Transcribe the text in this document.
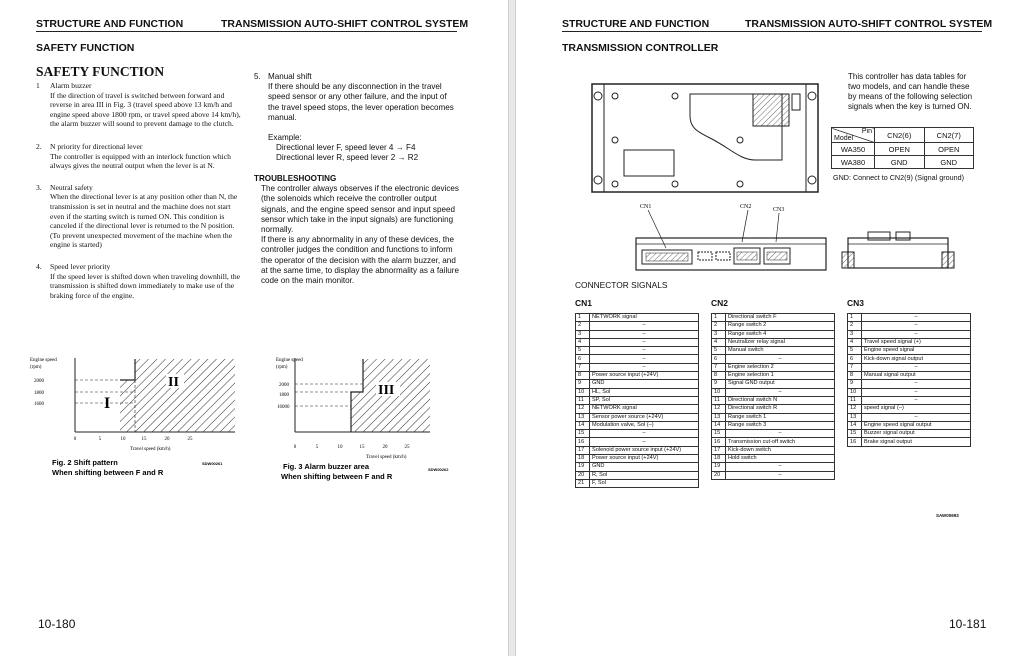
STRUCTURE AND FUNCTION	TRANSMISSION AUTO-SHIFT CONTROL SYSTEM
SAFETY FUNCTION
SAFETY FUNCTION
1 Alarm buzzer
If the direction of travel is switched between forward and reverse in area III in Fig. 3 (travel speed above 13 km/h and engine speed above 1800 rpm, or travel speed above 14 km/h), the alarm buzzer will sound to prevent damage to the clutch.
2. N priority for directional lever
The controller is equipped with an interlock function which always gives the neutral output when the lever is at N.
3. Neutral safety
When the directional lever is at any position other than N, the transmission is set in neutral and the machine does not start even if the starting switch is turned ON. This condition is canceled if the directional lever is returned to the N position. (To prevent unexpected movement of the machine when the engine is started)
4. Speed lever priority
If the speed lever is shifted down when traveling downhill, the transmission is shifted down immediately to make use of the braking force of the engine.
5. Manual shift
If there should be any disconnection in the travel speed sensor or any other failure, and the input of the travel speed stops, the lever operation becomes manual.
Example:
Directional lever F, speed lever 4 → F4
Directional lever R, speed lever 2 → R2
TROUBLESHOOTING
The controller always observes if the electronic devices (the solenoids which receive the controller output signals, and the engine speed sensor and input speed sensor which take in the input signals) are functioning normally.
If there is any abnormality in any of these devices, the controller judges the condition and functions to inform the operator of the decision with the alarm buzzer, and at the same time, to display the abnormality as a failure code on the main monitor.
Engine speed
(rpm)
2000
1800
1600
0	5	10	15	20	25
Travel speed (km/h)
I
II
Fig. 2 Shift pattern	SDW00261
When shifting between F and R
Engine speed
(rpm)
2000
1800
16000
0	5	10	15	20	25
Travel speed (km/h)
III
Fig. 3 Alarm buzzer area	SDW00262
When shifting between F and R
10-180
STRUCTURE AND FUNCTION	TRANSMISSION AUTO-SHIFT CONTROL SYSTEM
TRANSMISSION CONTROLLER
CN1	CN2	CN3
This controller has data tables for two models, and can handle these by means of the following selection signals when the key is turned ON.
Pin
Model	CN2(6)	CN2(7)
WA350	OPEN	OPEN
WA380	GND	GND
GND: Connect to CN2(9) (Signal ground)
CONNECTOR SIGNALS
CN1	CN2	CN3
1	NETWORK signal
2	–
3	–
4	–
5	–
6	–
7	–
8	Power source input (+24V)
9	GND
10	HL, Sol
11	SP, Sol
12	NETWORK signal
13	Sensor power source (+24V)
14	Modulation valve, Sol (–)
15	–
16	–
17	Solenoid power source input (+24V)
18	Power source input (+24V)
19	GND
20	R, Sol
21	F, Sol
1	Directional switch F
2	Range switch 2
3	Range switch 4
4	Neutralizer relay signal
5	Manual switch
6	–
7	Engine selection 2
8	Engine selection 1
9	Signal GND output
10	–
11	Directional switch N
12	Directional switch R
13	Range switch 1
14	Range switch 3
15	–
16	Transmission cut-off switch
17	Kick-down switch
18	Hold switch
19	–
20	–
1	–
2	–
3	–
4	Travel speed signal (+)
5	Engine speed signal
6	Kick-down signal output
7	–
8	Manual signal output
9	–
10	–
11	–
12	speed signal (–)
13	–
14	Engine speed signal output
15	Buzzer signal output
16	Brake signal output
SAW00693
10-181
